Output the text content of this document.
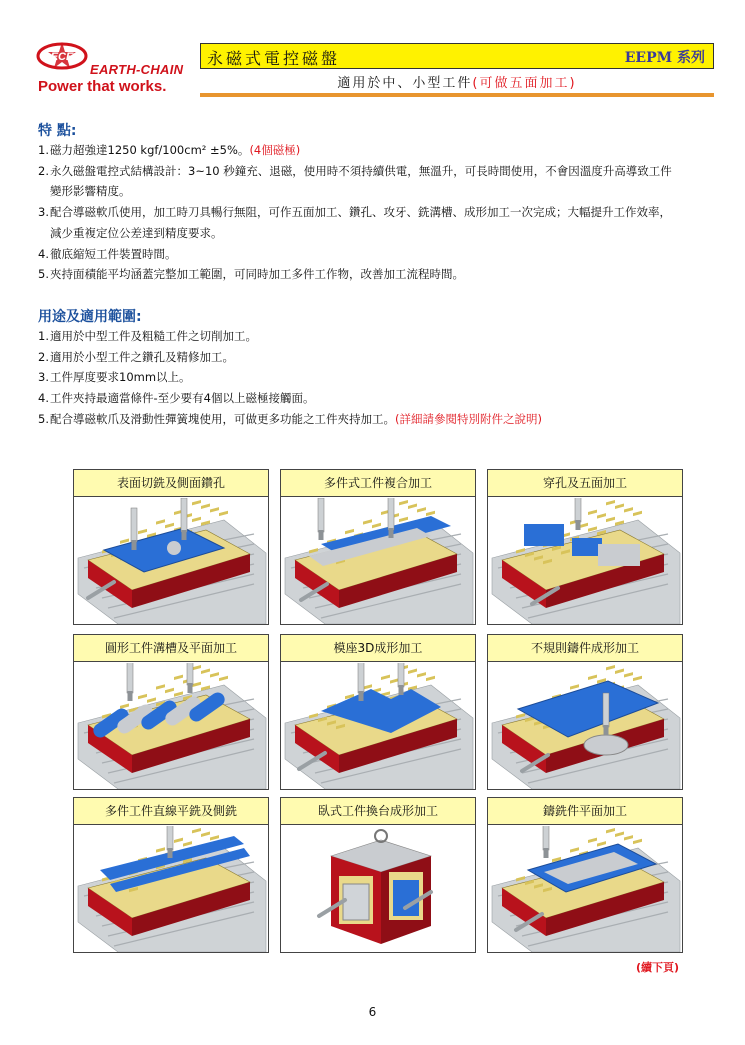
ECE
EARTH-CHAIN
Power that works.
永磁式電控磁盤	EEPM 系列
適用於中、小型工件(可做五面加工)
特 點:
1.磁力超強達1250 kgf/100cm² ±5%。(4個磁極)
2.永久磁盤電控式結構設計：3~10 秒鐘充、退磁，使用時不須持續供電，無溫升，可長時間使用，不會因溫度升高導致工件
變形影響精度。
3.配合導磁軟爪使用，加工時刀具暢行無阻，可作五面加工、鑽孔、攻牙、銑溝槽、成形加工一次完成；大幅提升工作效率，
減少重複定位公差達到精度要求。
4.徹底縮短工件裝置時間。
5.夾持面積能平均涵蓋完整加工範圍，可同時加工多件工作物，改善加工流程時間。
用途及適用範圍:
1.適用於中型工件及粗糙工件之切削加工。
2.適用於小型工件之鑽孔及精修加工。
3.工件厚度要求10mm以上。
4.工件夾持最適當條件-至少要有4個以上磁極接觸面。
5.配合導磁軟爪及滑動性彈簧塊使用，可做更多功能之工件夾持加工。(詳細請參閱特別附件之說明)
表面切銑及側面鑽孔	多件式工件複合加工	穿孔及五面加工
圓形工件溝槽及平面加工	模座3D成形加工	不規則鑄件成形加工
多件工件直線平銑及側銑	臥式工件換台成形加工	鑄銑件平面加工
(續下頁)
6
